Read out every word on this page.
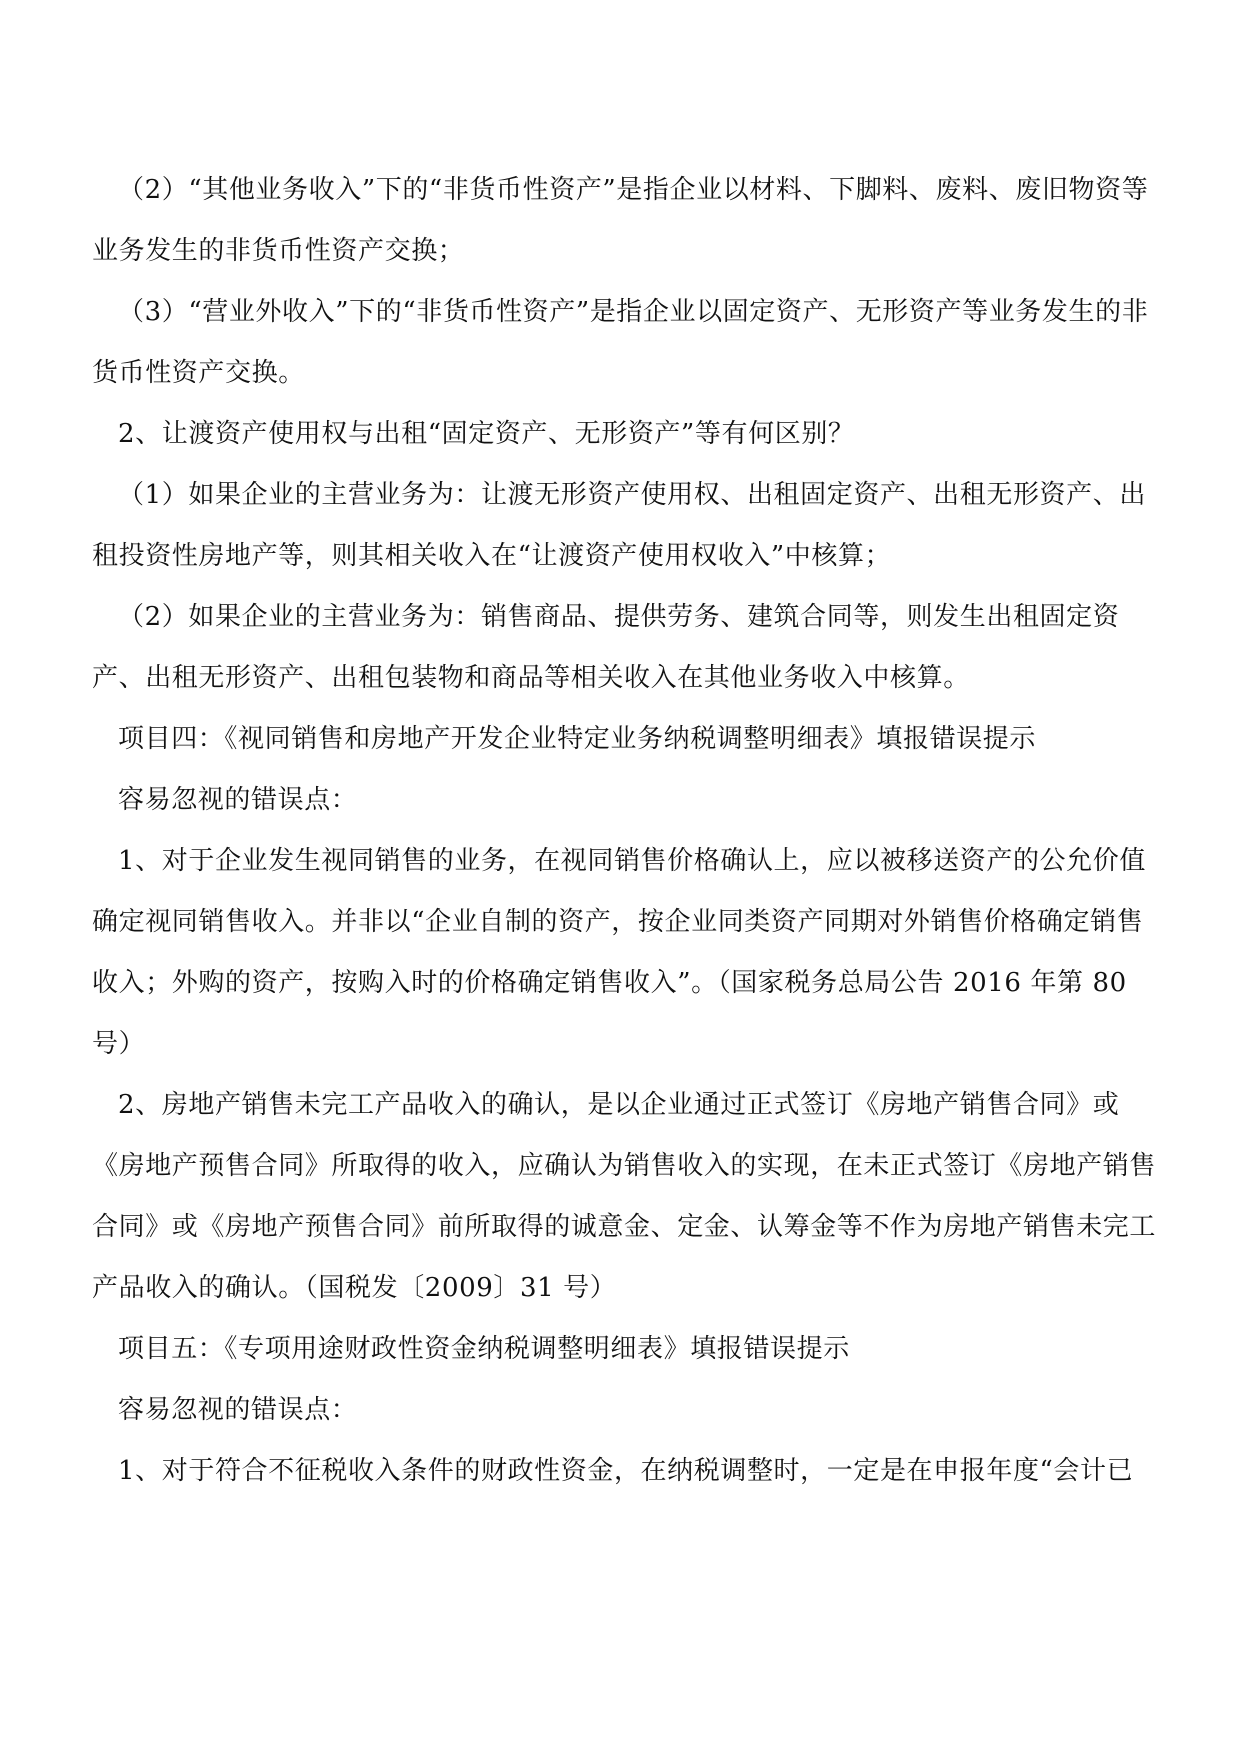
（2）“其他业务收入”下的“非货币性资产”是指企业以材料、下脚料、废料、废旧物资等业务发生的非货币性资产交换；

（3）“营业外收入”下的“非货币性资产”是指企业以固定资产、无形资产等业务发生的非货币性资产交换。

2、让渡资产使用权与出租“固定资产、无形资产”等有何区别？

（1）如果企业的主营业务为：让渡无形资产使用权、出租固定资产、出租无形资产、出租投资性房地产等，则其相关收入在“让渡资产使用权收入”中核算；

（2）如果企业的主营业务为：销售商品、提供劳务、建筑合同等，则发生出租固定资产、出租无形资产、出租包装物和商品等相关收入在其他业务收入中核算。

项目四：《视同销售和房地产开发企业特定业务纳税调整明细表》填报错误提示

容易忽视的错误点：

1、对于企业发生视同销售的业务，在视同销售价格确认上，应以被移送资产的公允价值确定视同销售收入。并非以“企业自制的资产，按企业同类资产同期对外销售价格确定销售收入；外购的资产，按购入时的价格确定销售收入”。（国家税务总局公告 2016 年第 80 号）

2、房地产销售未完工产品收入的确认，是以企业通过正式签订《房地产销售合同》或《房地产预售合同》所取得的收入，应确认为销售收入的实现，在未正式签订《房地产销售合同》或《房地产预售合同》前所取得的诚意金、定金、认筹金等不作为房地产销售未完工产品收入的确认。（国税发〔2009〕31 号）

项目五：《专项用途财政性资金纳税调整明细表》填报错误提示

容易忽视的错误点：

1、对于符合不征税收入条件的财政性资金，在纳税调整时，一定是在申报年度“会计已
